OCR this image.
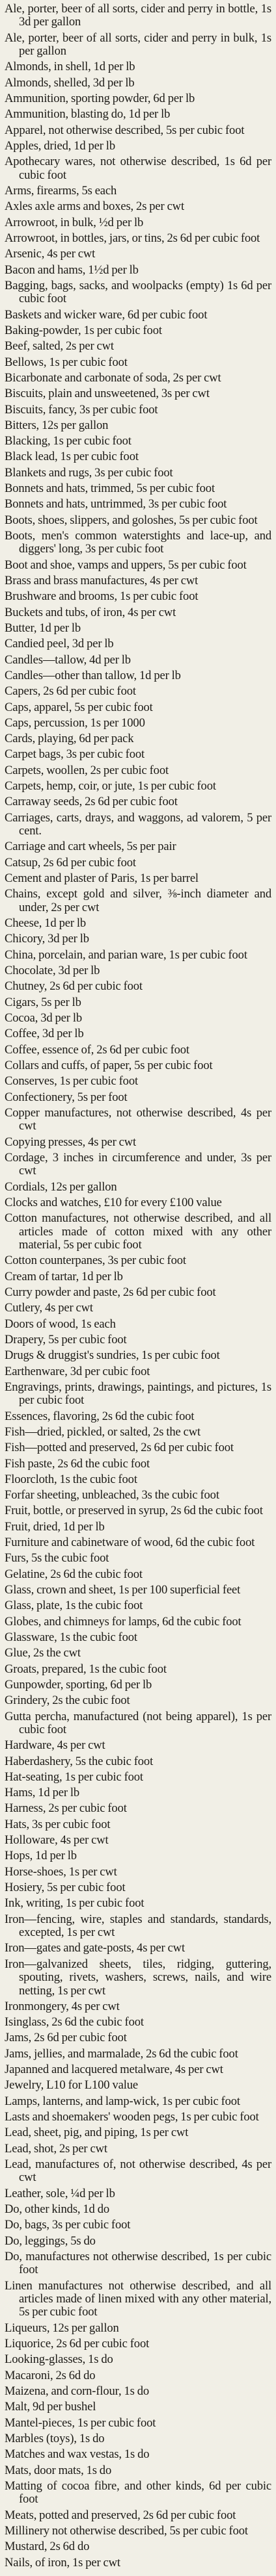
Ale, porter, beer of all sorts, cider and perry in bottle, 1s 3d per gallon
Ale, porter, beer of all sorts, cider and perry in bulk, 1s per gallon
Almonds, in shell, 1d per lb
Almonds, shelled, 3d per lb
Ammunition, sporting powder, 6d per lb
Ammunition, blasting do, 1d per lb
Apparel, not otherwise described, 5s per cubic foot
Apples, dried, 1d per lb
Apothecary wares, not otherwise described, 1s 6d per cubic foot
Arms, firearms, 5s each
Axles axle arms and boxes, 2s per cwt
Arrowroot, in bulk, ½d per lb
Arrowroot, in bottles, jars, or tins, 2s 6d per cubic foot
Arsenic, 4s per cwt
Bacon and hams, 1½d per lb
Bagging, bags, sacks, and woolpacks (empty) 1s 6d per cubic foot
Baskets and wicker ware, 6d per cubic foot
Baking-powder, 1s per cubic foot
Beef, salted, 2s per cwt
Bellows, 1s per cubic foot
Bicarbonate and carbonate of soda, 2s per cwt
Biscuits, plain and unsweetened, 3s per cwt
Biscuits, fancy, 3s per cubic foot
Bitters, 12s per gallon
Blacking, 1s per cubic foot
Black lead, 1s per cubic foot
Blankets and rugs, 3s per cubic foot
Bonnets and hats, trimmed, 5s per cubic foot
Bonnets and hats, untrimmed, 3s per cubic foot
Boots, shoes, slippers, and goloshes, 5s per cubic foot
Boots, men's common waterstights and lace-up, and diggers' long, 3s per cubic foot
Boot and shoe, vamps and uppers, 5s per cubic foot
Brass and brass manufactures, 4s per cwt
Brushware and brooms, 1s per cubic foot
Buckets and tubs, of iron, 4s per cwt
Butter, 1d per lb
Candied peel, 3d per lb
Candles—tallow, 4d per lb
Candles—other than tallow, 1d per lb
Capers, 2s 6d per cubic foot
Caps, apparel, 5s per cubic foot
Caps, percussion, 1s per 1000
Cards, playing, 6d per pack
Carpet bags, 3s per cubic foot
Carpets, woollen, 2s per cubic foot
Carpets, hemp, coir, or jute, 1s per cubic foot
Carraway seeds, 2s 6d per cubic foot
Carriages, carts, drays, and waggons, ad valorem, 5 per cent.
Carriage and cart wheels, 5s per pair
Catsup, 2s 6d per cubic foot
Cement and plaster of Paris, 1s per barrel
Chains, except gold and silver, ⅜-inch diameter and under, 2s per cwt
Cheese, 1d per lb
Chicory, 3d per lb
China, porcelain, and parian ware, 1s per cubic foot
Chocolate, 3d per lb
Chutney, 2s 6d per cubic foot
Cigars, 5s per lb
Cocoa, 3d per lb
Coffee, 3d per lb
Coffee, essence of, 2s 6d per cubic foot
Collars and cuffs, of paper, 5s per cubic foot
Conserves, 1s per cubic foot
Confectionery, 5s per foot
Copper manufactures, not otherwise described, 4s per cwt
Copying presses, 4s per cwt
Cordage, 3 inches in circumference and under, 3s per cwt
Cordials, 12s per gallon
Clocks and watches, £10 for every £100 value
Cotton manufactures, not otherwise described, and all articles made of cotton mixed with any other material, 5s per cubic foot
Cotton counterpanes, 3s per cubic foot
Cream of tartar, 1d per lb
Curry powder and paste, 2s 6d per cubic foot
Cutlery, 4s per cwt
Doors of wood, 1s each
Drapery, 5s per cubic foot
Drugs & druggist's sundries, 1s per cubic foot
Earthenware, 3d per cubic foot
Engravings, prints, drawings, paintings, and pictures, 1s per cubic foot
Essences, flavoring, 2s 6d the cubic foot
Fish—dried, pickled, or salted, 2s the cwt
Fish—potted and preserved, 2s 6d per cubic foot
Fish paste, 2s 6d the cubic foot
Floorcloth, 1s the cubic foot
Forfar sheeting, unbleached, 3s the cubic foot
Fruit, bottle, or preserved in syrup, 2s 6d the cubic foot
Fruit, dried, 1d per lb
Furniture and cabinetware of wood, 6d the cubic foot
Furs, 5s the cubic foot
Gelatine, 2s 6d the cubic foot
Glass, crown and sheet, 1s per 100 superficial feet
Glass, plate, 1s the cubic foot
Globes, and chimneys for lamps, 6d the cubic foot
Glassware, 1s the cubic foot
Glue, 2s the cwt
Groats, prepared, 1s the cubic foot
Gunpowder, sporting, 6d per lb
Grindery, 2s the cubic foot
Gutta percha, manufactured (not being apparel), 1s per cubic foot
Hardware, 4s per cwt
Haberdashery, 5s the cubic foot
Hat-seating, 1s per cubic foot
Hams, 1d per lb
Harness, 2s per cubic foot
Hats, 3s per cubic foot
Holloware, 4s per cwt
Hops, 1d per lb
Horse-shoes, 1s per cwt
Hosiery, 5s per cubic foot
Ink, writing, 1s per cubic foot
Iron—fencing, wire, staples and standards, standards, excepted, 1s per cwt
Iron—gates and gate-posts, 4s per cwt
Iron—galvanized sheets, tiles, ridging, guttering, spouting, rivets, washers, screws, nails, and wire netting, 1s per cwt
Ironmongery, 4s per cwt
Isinglass, 2s 6d the cubic foot
Jams, 2s 6d per cubic foot
Jams, jellies, and marmalade, 2s 6d the cubic foot
Japanned and lacquered metalware, 4s per cwt
Jewelry, L10 for L100 value
Lamps, lanterns, and lamp-wick, 1s per cubic foot
Lasts and shoemakers' wooden pegs, 1s per cubic foot
Lead, sheet, pig, and piping, 1s per cwt
Lead, shot, 2s per cwt
Lead, manufactures of, not otherwise described, 4s per cwt
Leather, sole, ¼d per lb
Do, other kinds, 1d do
Do, bags, 3s per cubic foot
Do, leggings, 5s do
Do, manufactures not otherwise described, 1s per cubic foot
Linen manufactures not otherwise described, and all articles made of linen mixed with any other material, 5s per cubic foot
Liqueurs, 12s per gallon
Liquorice, 2s 6d per cubic foot
Looking-glasses, 1s do
Macaroni, 2s 6d do
Maizena, and corn-flour, 1s do
Malt, 9d per bushel
Mantel-pieces, 1s per cubic foot
Marbles (toys), 1s do
Matches and wax vestas, 1s do
Mats, door mats, 1s do
Matting of cocoa fibre, and other kinds, 6d per cubic foot
Meats, potted and preserved, 2s 6d per cubic foot
Millinery not otherwise described, 5s per cubic foot
Mustard, 2s 6d do
Nails, of iron, 1s per cwt
